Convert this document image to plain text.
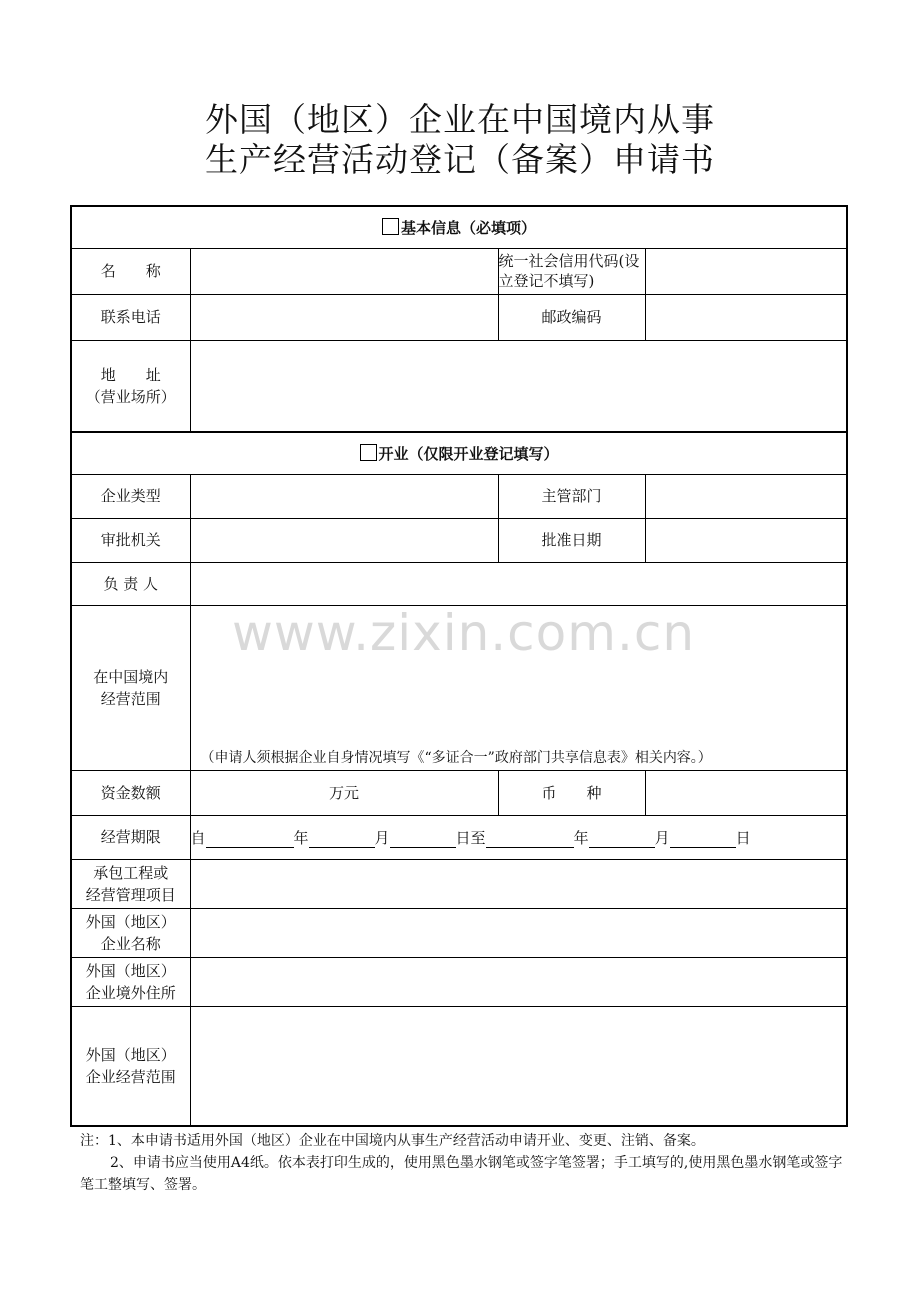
外国（地区）企业在中国境内从事
生产经营活动登记（备案）申请书
基本信息（必填项）			
名　　称		统一社会信用代码(设立登记不填写)	
联系电话		邮政编码	

地　　址
（营业场所）			

开业（仅限开业登记填写）			
企业类型		主管部门	
审批机关		批准日期	
负 责 人			

在中国境内
经营范围	（申请人须根据企业自身情况填写《“多证合一”政府部门共享信息表》相关内容。）		

资金数额	万元	币　　种	
经营期限	自 年 月 日至 年 月 日		

承包工程或
经营管理项目			

外国（地区）
企业名称			

外国（地区）
企业境外住所			

外国（地区）
企业经营范围			

www.zixin.com.cn

注：1、本申请书适用外国（地区）企业在中国境内从事生产经营活动申请开业、变更、注销、备案。

2、申请书应当使用A4纸。依本表打印生成的，使用黑色墨水钢笔或签字笔签署；手工填写的,使用黑色墨水钢笔或签字笔工整填写、签署。
